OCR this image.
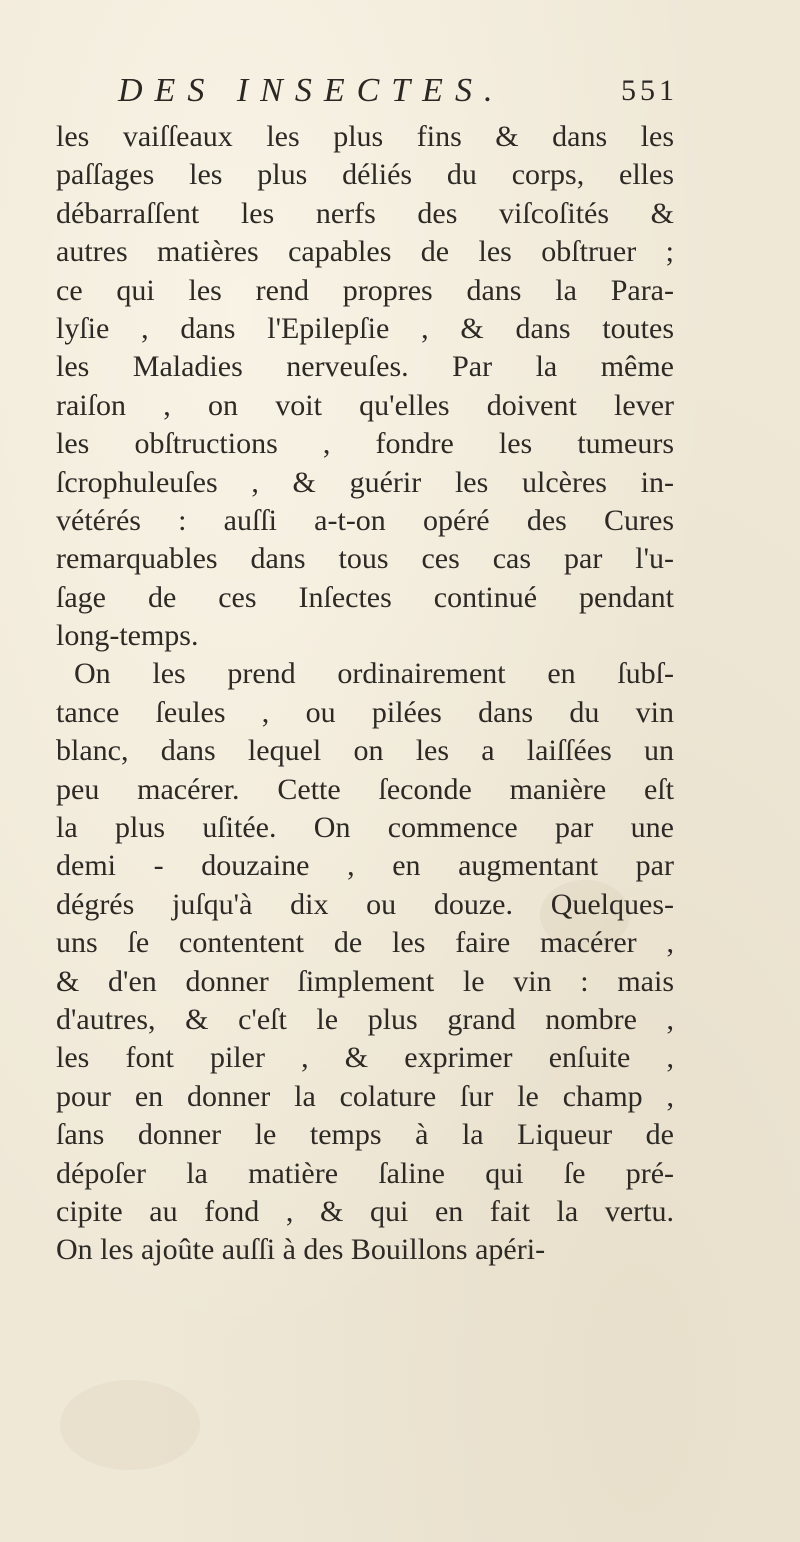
DES INSECTES.	551
les vaiſſeaux les plus fins & dans les
paſſages les plus déliés du corps, elles
débarraſſent les nerfs des viſcoſités &
autres matières capables de les obſtruer ;
ce qui les rend propres dans la Para-
lyſie , dans l'Epilepſie , & dans toutes
les Maladies nerveuſes. Par la même
raiſon , on voit qu'elles doivent lever
les obſtructions , fondre les tumeurs
ſcrophuleuſes , & guérir les ulcères in-
vétérés : auſſi a-t-on opéré des Cures
remarquables dans tous ces cas par l'u-
ſage de ces Inſectes continué pendant
long-temps.
On les prend ordinairement en ſubſ-
tance ſeules , ou pilées dans du vin
blanc, dans lequel on les a laiſſées un
peu macérer. Cette ſeconde manière eſt
la plus uſitée. On commence par une
demi - douzaine , en augmentant par
dégrés juſqu'à dix ou douze. Quelques-
uns ſe contentent de les faire macérer ,
& d'en donner ſimplement le vin : mais
d'autres, & c'eſt le plus grand nombre ,
les font piler , & exprimer enſuite ,
pour en donner la colature ſur le champ ,
ſans donner le temps à la Liqueur de
dépoſer la matière ſaline qui ſe pré-
cipite au fond , & qui en fait la vertu.
On les ajoûte auſſi à des Bouillons apéri-
